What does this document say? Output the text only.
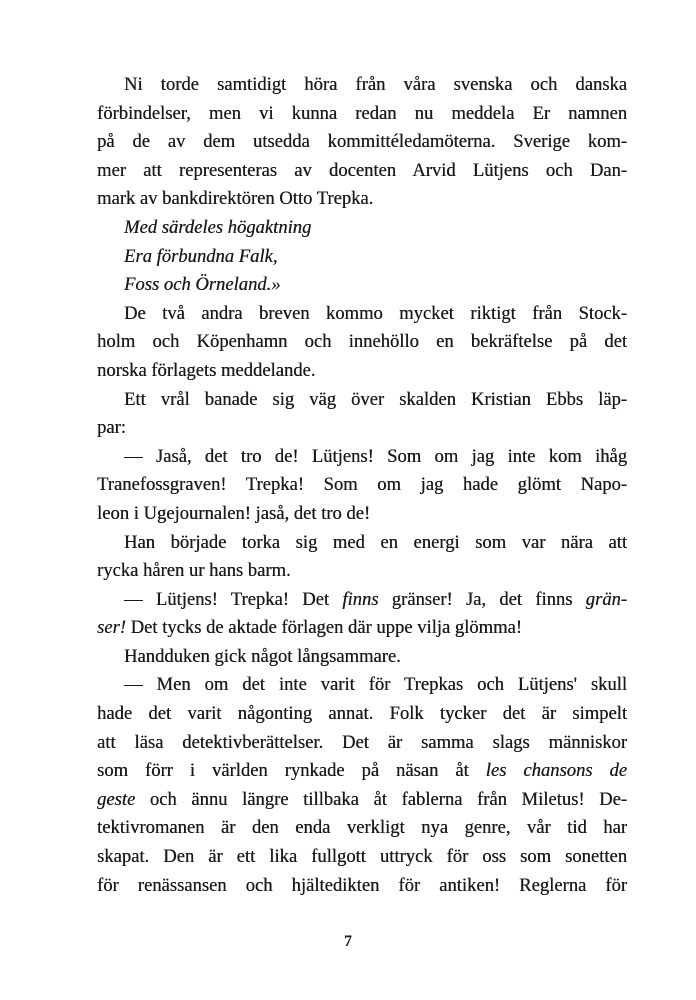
Ni torde samtidigt höra från våra svenska och danska
förbindelser, men vi kunna redan nu meddela Er namnen
på de av dem utsedda kommittéledamöterna. Sverige kom-
mer att representeras av docenten Arvid Lütjens och Dan-
mark av bankdirektören Otto Trepka.
Med särdeles högaktning
Era förbundna Falk,
Foss och Örneland.»
De två andra breven kommo mycket riktigt från Stock-
holm och Köpenhamn och innehöllo en bekräftelse på det
norska förlagets meddelande.
Ett vrål banade sig väg över skalden Kristian Ebbs läp-
par:
— Jaså, det tro de! Lütjens! Som om jag inte kom ihåg
Tranefossgraven! Trepka! Som om jag hade glömt Napo-
leon i Ugejournalen! jaså, det tro de!
Han började torka sig med en energi som var nära att
rycka håren ur hans barm.
— Lütjens! Trepka! Det finns gränser! Ja, det finns grän-
ser! Det tycks de aktade förlagen där uppe vilja glömma!
Handduken gick något långsammare.
— Men om det inte varit för Trepkas och Lütjens' skull
hade det varit någonting annat. Folk tycker det är simpelt
att läsa detektivberättelser. Det är samma slags människor
som förr i världen rynkade på näsan åt les chansons de
geste och ännu längre tillbaka åt fablerna från Miletus! De-
tektivromanen är den enda verkligt nya genre, vår tid har
skapat. Den är ett lika fullgott uttryck för oss som sonetten
för renässansen och hjältedikten för antiken! Reglerna för
7
